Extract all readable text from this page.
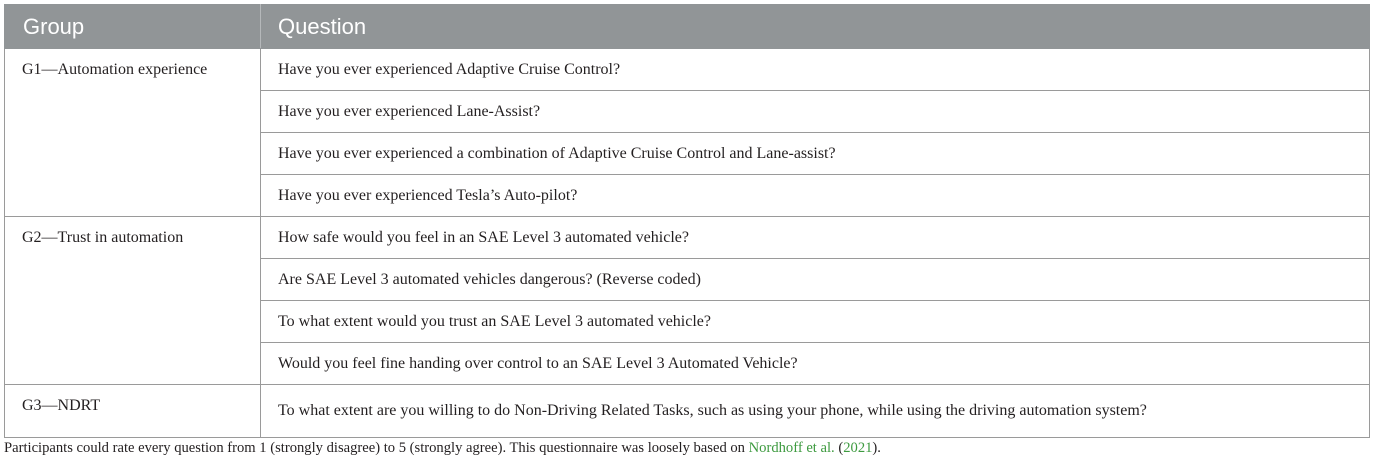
Group	Question
G1—Automation experience	Have you ever experienced Adaptive Cruise Control?
	Have you ever experienced Lane-Assist?
	Have you ever experienced a combination of Adaptive Cruise Control and Lane-assist?
	Have you ever experienced Tesla’s Auto-pilot?
G2—Trust in automation	How safe would you feel in an SAE Level 3 automated vehicle?
	Are SAE Level 3 automated vehicles dangerous? (Reverse coded)
	To what extent would you trust an SAE Level 3 automated vehicle?
	Would you feel fine handing over control to an SAE Level 3 Automated Vehicle?
G3—NDRT	To what extent are you willing to do Non-Driving Related Tasks, such as using your phone, while using the driving automation system?
Participants could rate every question from 1 (strongly disagree) to 5 (strongly agree). This questionnaire was loosely based on Nordhoff et al. (2021).
